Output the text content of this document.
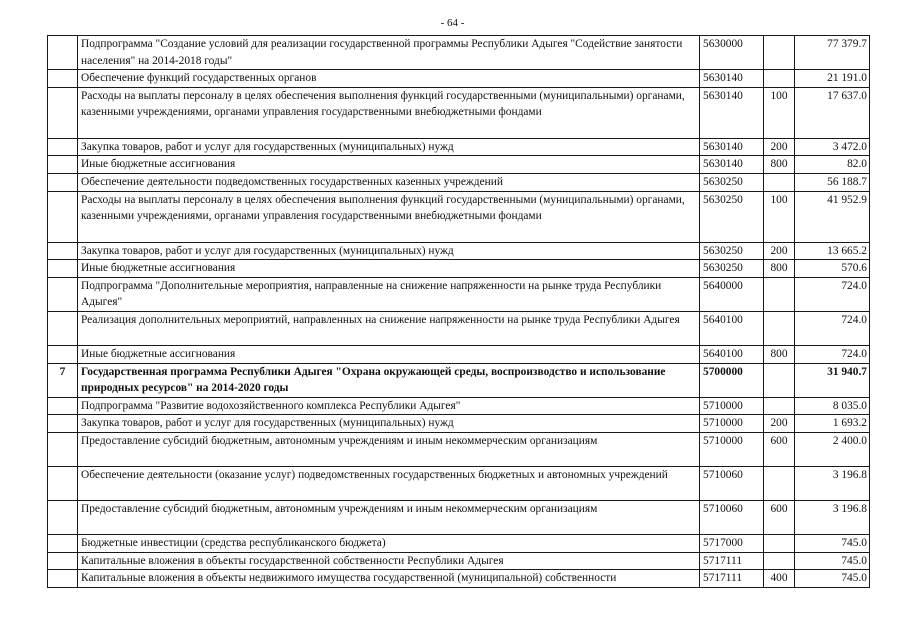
- 64 -
	Подпрограмма "Создание условий для реализации государственной программы Республики Адыгея "Содействие занятости населения" на 2014-2018 годы"	5630000		77 379.7
	Обеспечение функций государственных органов	5630140		21 191.0
	Расходы на выплаты персоналу в целях обеспечения выполнения функций государственными (муниципальными) органами, казенными учреждениями, органами управления государственными внебюджетными фондами	5630140	100	17 637.0
	Закупка товаров, работ и услуг для государственных (муниципальных) нужд	5630140	200	3 472.0
	Иные бюджетные ассигнования	5630140	800	82.0
	Обеспечение деятельности подведомственных государственных казенных учреждений	5630250		56 188.7
	Расходы на выплаты персоналу в целях обеспечения выполнения функций государственными (муниципальными) органами, казенными учреждениями, органами управления государственными внебюджетными фондами	5630250	100	41 952.9
	Закупка товаров, работ и услуг для государственных (муниципальных) нужд	5630250	200	13 665.2
	Иные бюджетные ассигнования	5630250	800	570.6
	Подпрограмма "Дополнительные мероприятия, направленные на снижение напряженности на рынке труда Республики Адыгея"	5640000		724.0
	Реализация дополнительных мероприятий, направленных на снижение напряженности на рынке труда Республики Адыгея	5640100		724.0
	Иные бюджетные ассигнования	5640100	800	724.0
7	Государственная программа Республики Адыгея "Охрана окружающей среды, воспроизводство и использование природных ресурсов" на 2014-2020 годы	5700000		31 940.7
	Подпрограмма "Развитие водохозяйственного комплекса Республики Адыгея"	5710000		8 035.0
	Закупка товаров, работ и услуг для государственных (муниципальных) нужд	5710000	200	1 693.2
	Предоставление субсидий бюджетным, автономным учреждениям и иным некоммерческим организациям	5710000	600	2 400.0
	Обеспечение деятельности (оказание услуг) подведомственных государственных бюджетных и автономных учреждений	5710060		3 196.8
	Предоставление субсидий бюджетным, автономным учреждениям и иным некоммерческим организациям	5710060	600	3 196.8
	Бюджетные инвестиции (средства республиканского бюджета)	5717000		745.0
	Капитальные вложения в объекты государственной собственности Республики Адыгея	5717111		745.0
	Капитальные вложения в объекты недвижимого имущества государственной (муниципальной) собственности	5717111	400	745.0
